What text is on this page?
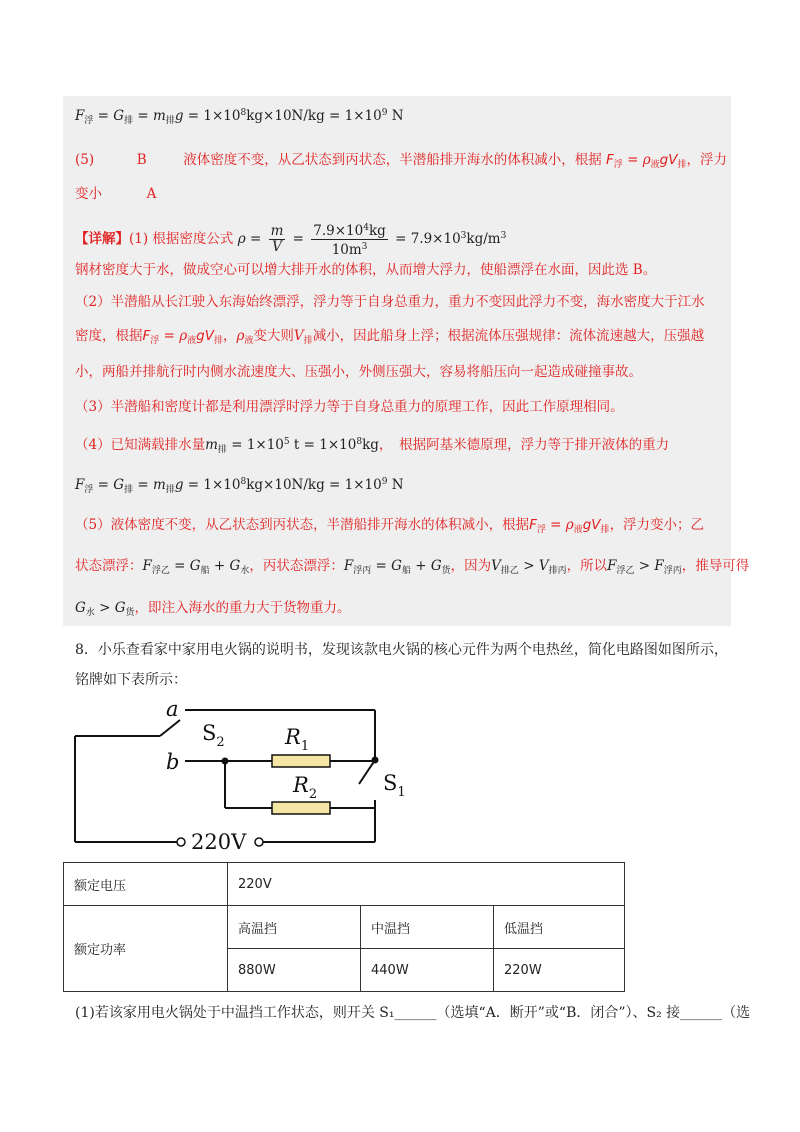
$F_浮 = G_排 = m_排g = 1\times 10^8kg\times 10N/kg = 1\times 10^9$ N
(5)	B	液体密度不变，从乙状态到丙状态，半潜船排开海水的体积减小，根据 $F_浮 = \rho_液gV_排$，浮力
变小	A
【详解】(1) 根据密度公式 $\rho = \frac{m}{V} = \frac{7.9\times 10^4kg}{10m^3} = 7.9\times 10^3kg/m^3$
钢材密度大于水，做成空心可以增大排开水的体积，从而增大浮力，使船漂浮在水面，因此选 B。
（2）半潜船从长江驶入东海始终漂浮，浮力等于自身总重力，重力不变因此浮力不变，海水密度大于江水
密度，根据$F_浮 = \rho_液gV_排$，$\rho_液$变大则$V_排$减小，因此船身上浮；根据流体压强规律：流体流速越大，压强越
小，两船并排航行时内侧水流速度大、压强小，外侧压强大，容易将船压向一起造成碰撞事故。
（3）半潜船和密度计都是利用漂浮时浮力等于自身总重力的原理工作，因此工作原理相同。
（4）已知满载排水量$m_排 = 1\times 10^5$ $t = 1\times 10^8kg$，　根据阿基米德原理，浮力等于排开液体的重力
$F_浮 = G_排 = m_排g = 1\times 10^8kg\times 10N/kg = 1\times 10^9$ N
（5）液体密度不变，从乙状态到丙状态，半潜船排开海水的体积减小，根据$F_浮 = \rho_液gV_排$，浮力变小；乙
状态漂浮：$F_{浮乙} = G_船 + G_水$，丙状态漂浮：$F_{浮丙} = G_船 + G_货$，因为$V_{排乙} > V_{排丙}$，所以$F_{浮乙} > F_{浮丙}$，推导可得
$G_水 > G_货$，即注入海水的重力大于货物重力。
8．小乐查看家中家用电火锅的说明书，发现该款电火锅的核心元件为两个电热丝，简化电路图如图所示，
铭牌如下表所示：
a
b
$S_2$	$R_1$
$R_2$	$S_1$
220V
额定电压	220V		
额定功率	高温挡	中温挡	低温挡
	880W	440W	220W
(1)若该家用电火锅处于中温挡工作状态，则开关 S₁______（选填“A．断开”或“B．闭合”）、S₂ 接______（选
